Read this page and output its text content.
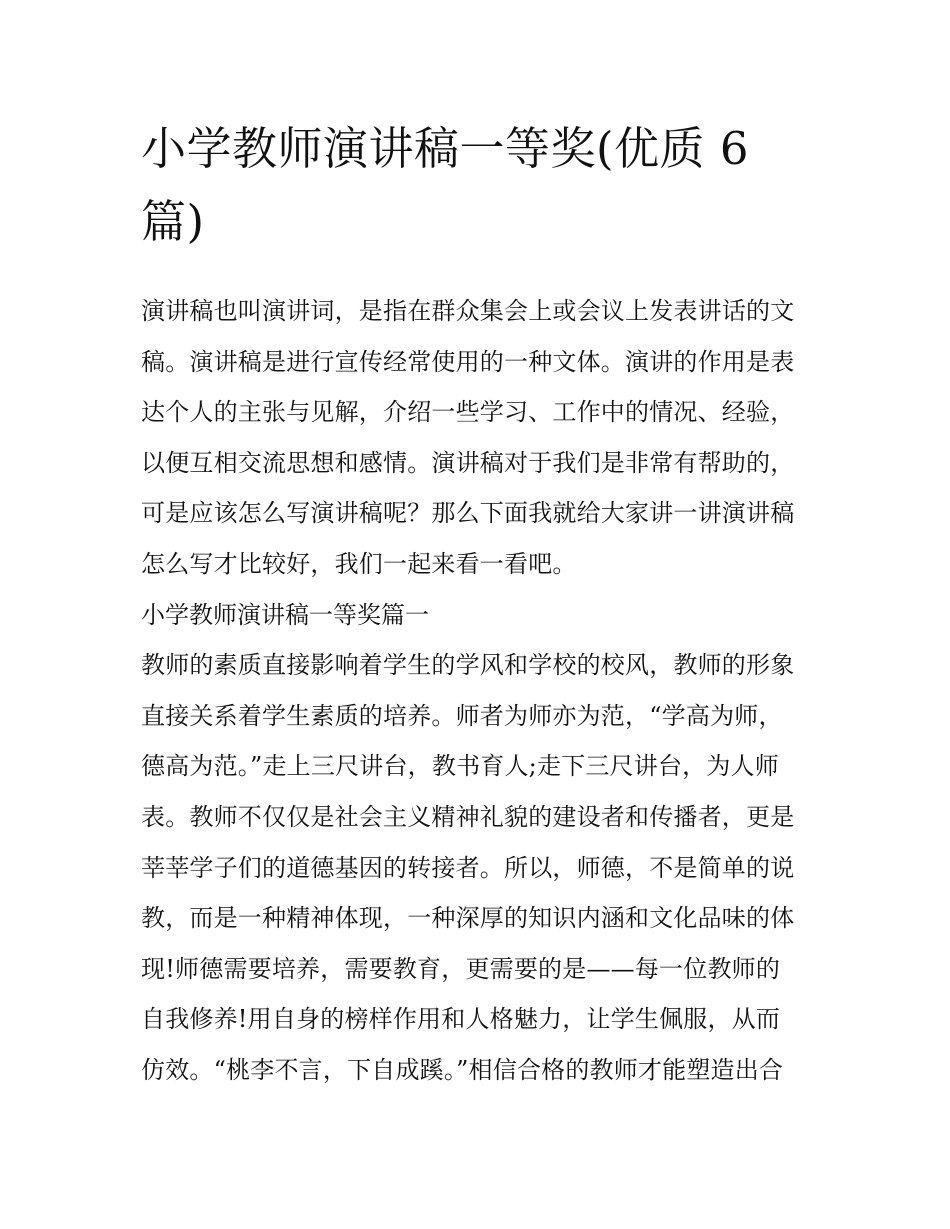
小学教师演讲稿一等奖(优质 6
篇)

演讲稿也叫演讲词，是指在群众集会上或会议上发表讲话的文
稿。演讲稿是进行宣传经常使用的一种文体。演讲的作用是表
达个人的主张与见解，介绍一些学习、工作中的情况、经验，
以便互相交流思想和感情。演讲稿对于我们是非常有帮助的，
可是应该怎么写演讲稿呢？那么下面我就给大家讲一讲演讲稿
怎么写才比较好，我们一起来看一看吧。

小学教师演讲稿一等奖篇一

教师的素质直接影响着学生的学风和学校的校风，教师的形象
直接关系着学生素质的培养。师者为师亦为范，“学高为师，
德高为范。”走上三尺讲台，教书育人;走下三尺讲台，为人师
表。教师不仅仅是社会主义精神礼貌的建设者和传播者，更是
莘莘学子们的道德基因的转接者。所以，师德，不是简单的说
教，而是一种精神体现，一种深厚的知识内涵和文化品味的体
现!师德需要培养，需要教育，更需要的是——每一位教师的
自我修养!用自身的榜样作用和人格魅力，让学生佩服，从而
仿效。“桃李不言，下自成蹊。”相信合格的教师才能塑造出合
